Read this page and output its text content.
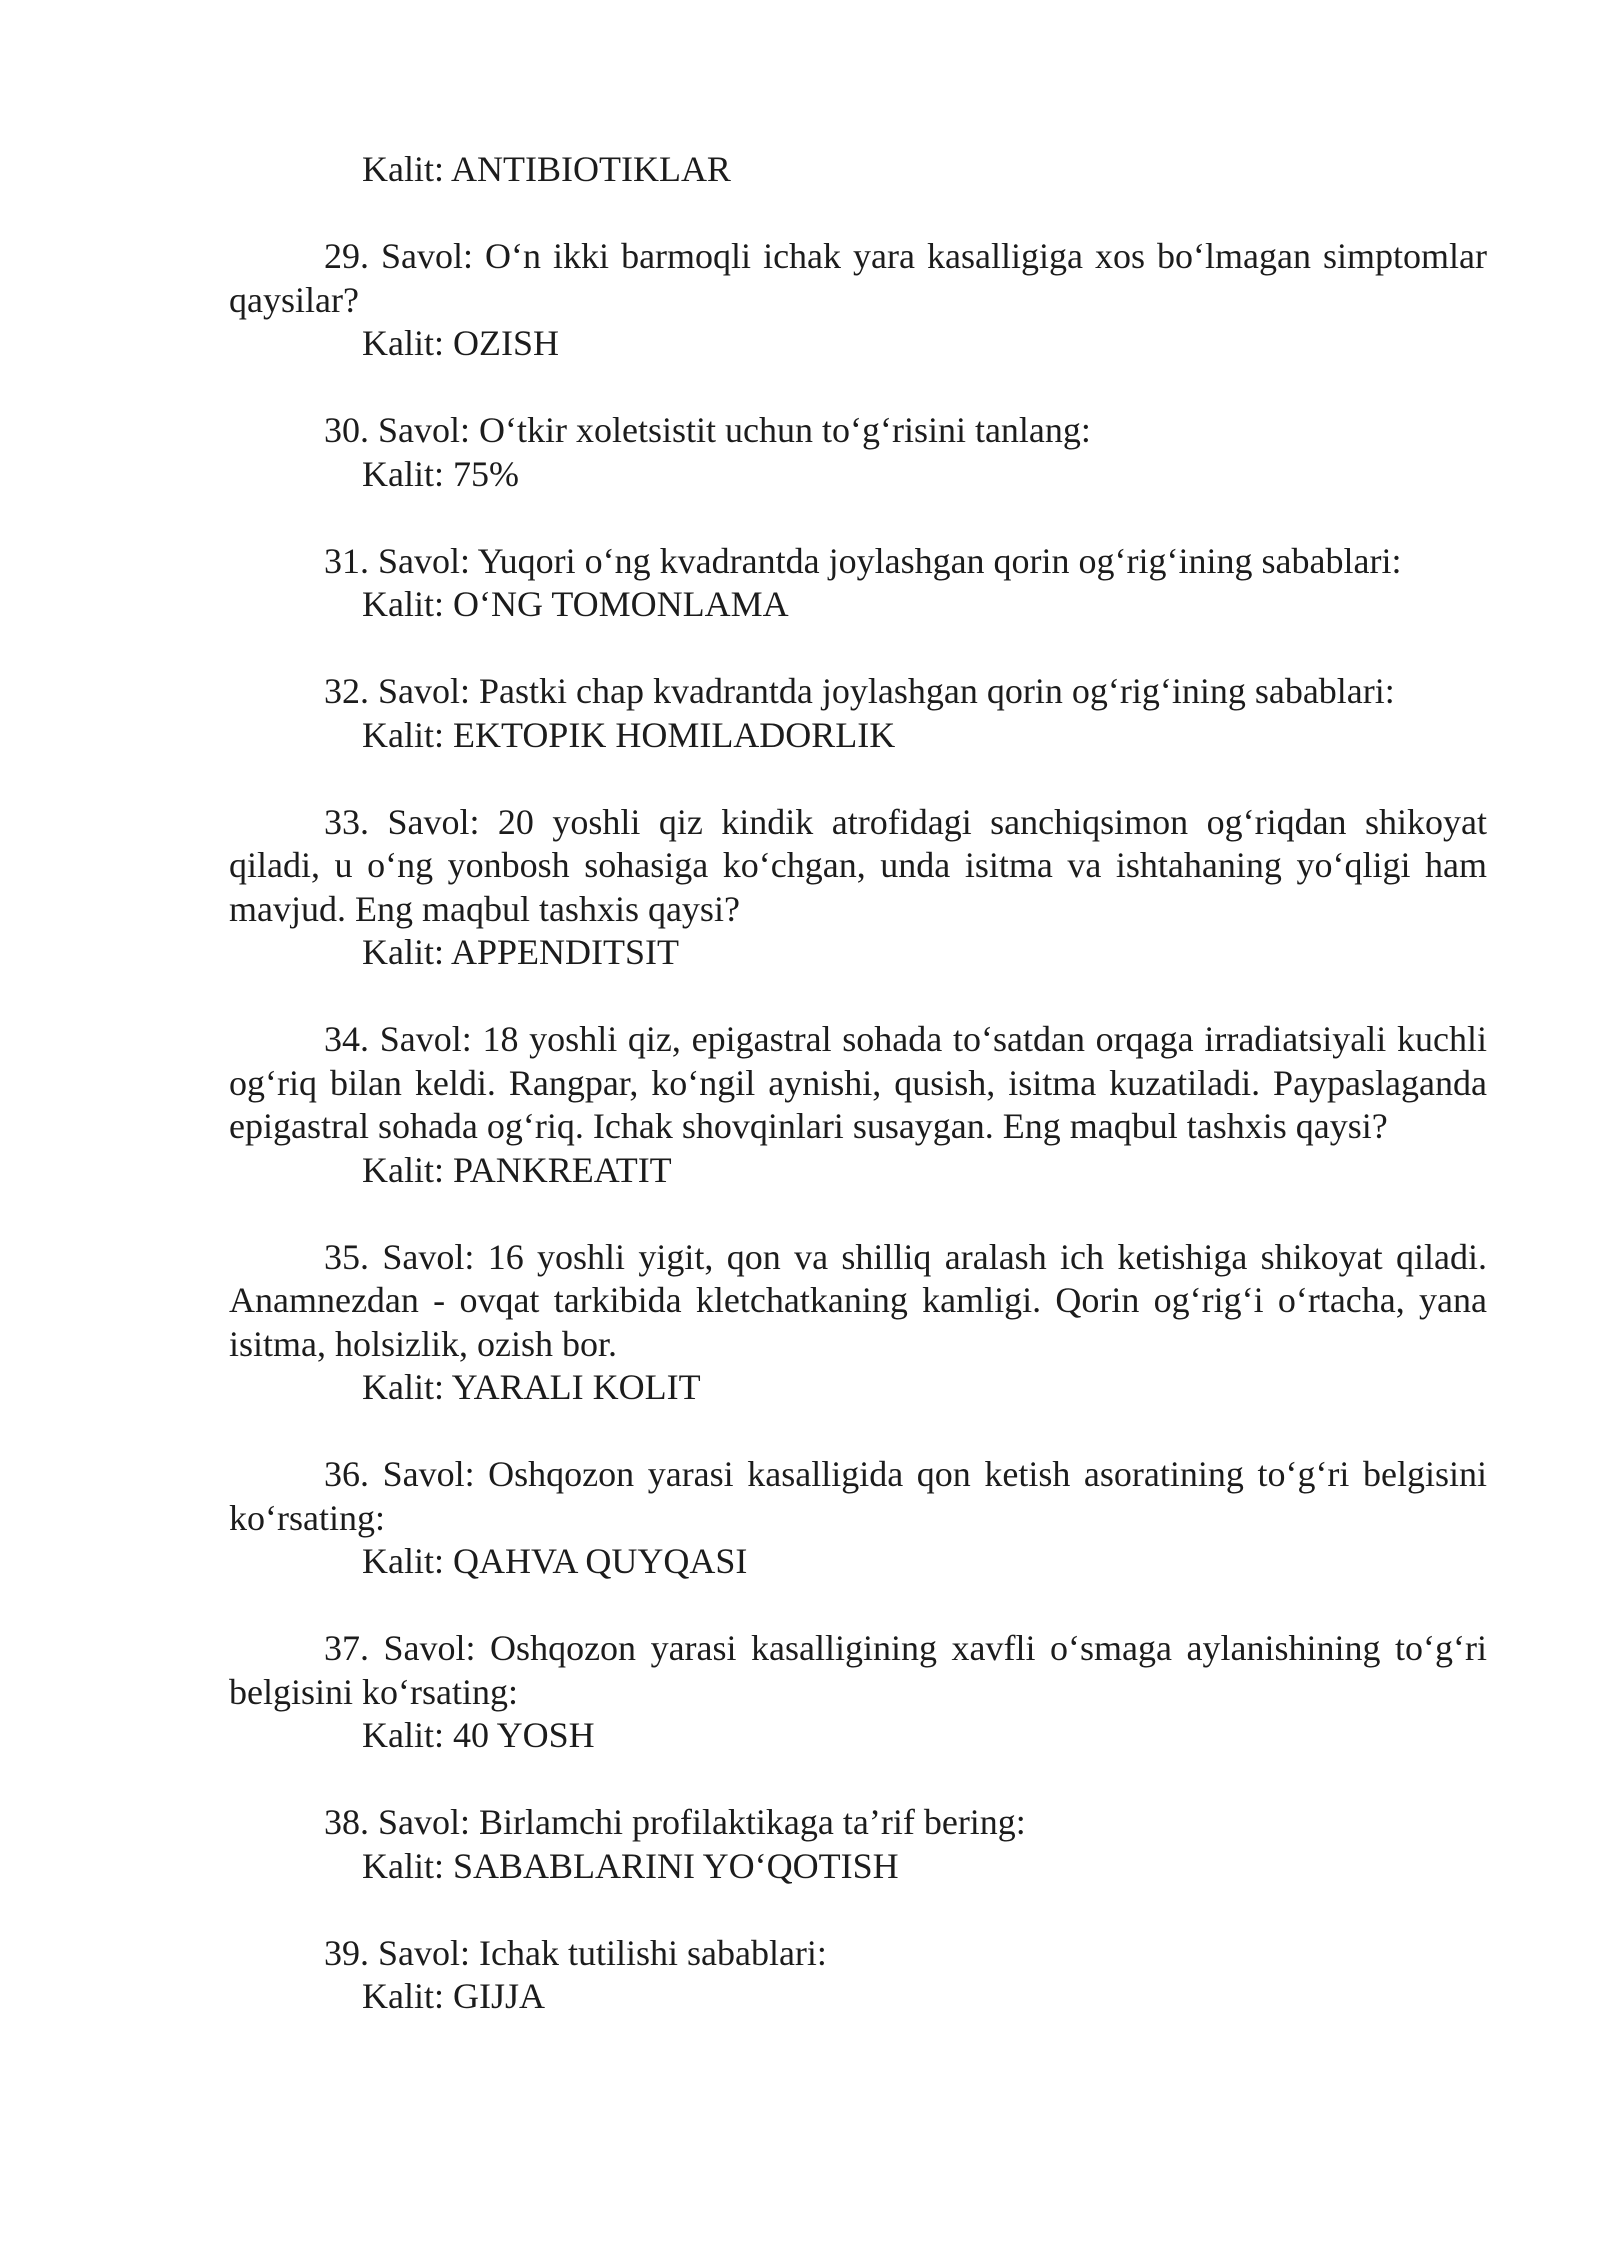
Kalit: ANTIBIOTIKLAR
29. Savol: O‘n ikki barmoqli ichak yara kasalligiga xos bo‘lmagan simptomlar qaysilar?
Kalit: OZISH
30. Savol: O‘tkir xoletsistit uchun to‘g‘risini tanlang:
Kalit: 75%
31. Savol: Yuqori o‘ng kvadrantda joylashgan qorin og‘rig‘ining sabablari:
Kalit: O‘NG TOMONLAMA
32. Savol: Pastki chap kvadrantda joylashgan qorin og‘rig‘ining sabablari:
Kalit: EKTOPIK HOMILADORLIK
33. Savol: 20 yoshli qiz kindik atrofidagi sanchiqsimon og‘riqdan shikoyat qiladi, u o‘ng yonbosh sohasiga ko‘chgan, unda isitma va ishtahaning yo‘qligi ham mavjud. Eng maqbul tashxis qaysi?
Kalit: APPENDITSIT
34. Savol: 18 yoshli qiz, epigastral sohada to‘satdan orqaga irradiatsiyali kuchli og‘riq bilan keldi. Rangpar, ko‘ngil aynishi, qusish, isitma kuzatiladi. Paypaslaganda epigastral sohada og‘riq. Ichak shovqinlari susaygan. Eng maqbul tashxis qaysi?
Kalit: PANKREATIT
35. Savol: 16 yoshli yigit, qon va shilliq aralash ich ketishiga shikoyat qiladi. Anamnezdan - ovqat tarkibida kletchatkaning kamligi. Qorin og‘rig‘i o‘rtacha, yana isitma, holsizlik, ozish bor.
Kalit: YARALI KOLIT
36. Savol: Oshqozon yarasi kasalligida qon ketish asoratining to‘g‘ri belgisini ko‘rsating:
Kalit: QAHVA QUYQASI
37. Savol: Oshqozon yarasi kasalligining xavfli o‘smaga aylanishining to‘g‘ri belgisini ko‘rsating:
Kalit: 40 YOSH
38. Savol: Birlamchi profilaktikaga ta’rif bering:
Kalit: SABABLARINI YO‘QOTISH
39. Savol: Ichak tutilishi sabablari:
Kalit: GIJJA
